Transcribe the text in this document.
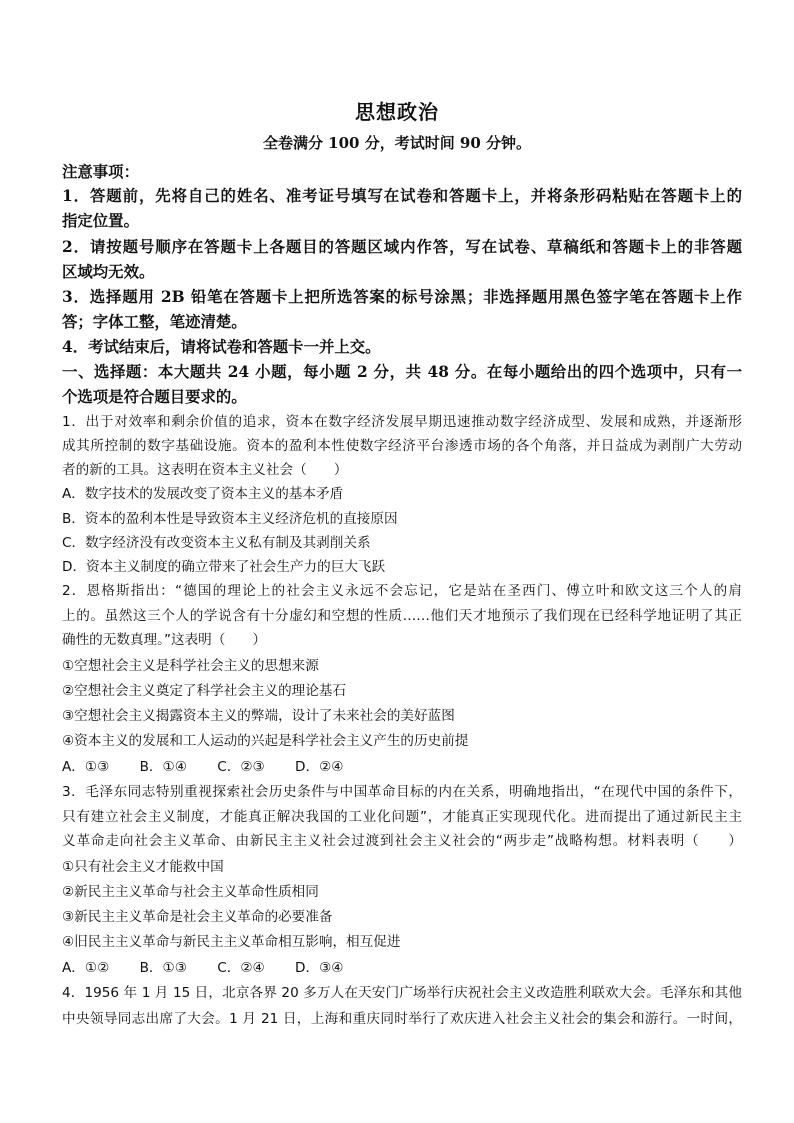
思想政治
全卷满分 100 分，考试时间 90 分钟。
注意事项：
1．答题前，先将自己的姓名、准考证号填写在试卷和答题卡上，并将条形码粘贴在答题卡上的
指定位置。
2．请按题号顺序在答题卡上各题目的答题区域内作答，写在试卷、草稿纸和答题卡上的非答题
区域均无效。
3．选择题用 2B 铅笔在答题卡上把所选答案的标号涂黑；非选择题用黑色签字笔在答题卡上作
答；字体工整，笔迹清楚。
4．考试结束后，请将试卷和答题卡一并上交。
一、选择题：本大题共 24 小题，每小题 2 分，共 48 分。在每小题给出的四个选项中，只有一
个选项是符合题目要求的。
1．出于对效率和剩余价值的追求，资本在数字经济发展早期迅速推动数字经济成型、发展和成熟，并逐渐形
成其所控制的数字基础设施。资本的盈利本性使数字经济平台渗透市场的各个角落，并日益成为剥削广大劳动
者的新的工具。这表明在资本主义社会（　　）
A．数字技术的发展改变了资本主义的基本矛盾
B．资本的盈利本性是导致资本主义经济危机的直接原因
C．数字经济没有改变资本主义私有制及其剥削关系
D．资本主义制度的确立带来了社会生产力的巨大飞跃
2．恩格斯指出：“德国的理论上的社会主义永远不会忘记，它是站在圣西门、傅立叶和欧文这三个人的肩
上的。虽然这三个人的学说含有十分虚幻和空想的性质……他们天才地预示了我们现在已经科学地证明了其正
确性的无数真理。”这表明（　　）
①空想社会主义是科学社会主义的思想来源
②空想社会主义奠定了科学社会主义的理论基石
③空想社会主义揭露资本主义的弊端，设计了未来社会的美好蓝图
④资本主义的发展和工人运动的兴起是科学社会主义产生的历史前提
A．①③ B．①④ C．②③ D．②④
3．毛泽东同志特别重视探索社会历史条件与中国革命目标的内在关系，明确地指出，“在现代中国的条件下，
只有建立社会主义制度，才能真正解决我国的工业化问题”，才能真正实现现代化。进而提出了通过新民主主
义革命走向社会主义革命、由新民主主义社会过渡到社会主义社会的“两步走”战略构想。材料表明（　　）
①只有社会主义才能救中国
②新民主主义革命与社会主义革命性质相同
③新民主主义革命是社会主义革命的必要准备
④旧民主主义革命与新民主主义革命相互影响，相互促进
A．①② B．①③ C．②④ D．③④
4．1956 年 1 月 15 日，北京各界 20 多万人在天安门广场举行庆祝社会主义改造胜利联欢大会。毛泽东和其他
中央领导同志出席了大会。1 月 21 日，上海和重庆同时举行了欢庆进入社会主义社会的集会和游行。一时间，
